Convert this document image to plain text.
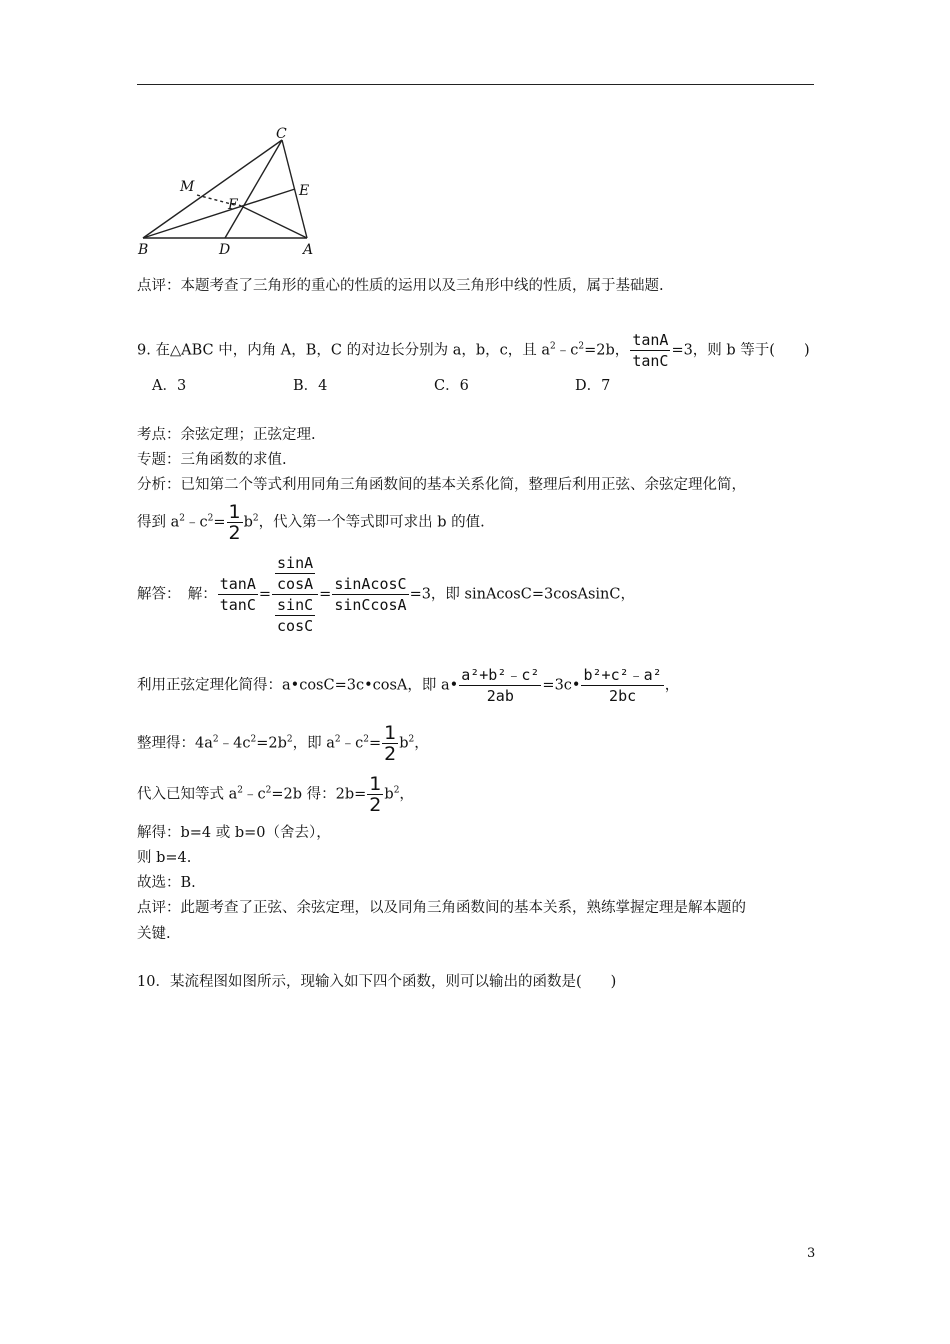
C
M	E
F
B	D	A
点评：本题考查了三角形的重心的性质的运用以及三角形中线的性质，属于基础题.
9. 在△ABC 中，内角 A，B，C 的对边长分别为 a，b，c，且 $a^2﹣c^2=2b$， $\frac{\tan A}{\tan C} =3$，则 b 等于(　　)
A．3	B．4	C．6	D．7
考点：余弦定理；正弦定理.
专题：三角函数的求值.
分析：已知第二个等式利用同角三角函数间的基本关系化简，整理后利用正弦、余弦定理化简，
得到 $a^2﹣c^2= \frac{1}{2} b^2$，代入第一个等式即可求出 b 的值.
解答：　解： $\frac{\tan A}{\tan C} = \frac{\frac{\sin A}{\cos A}}{\frac{\sin C}{\cos C}} = \frac{\text{sinAcosC}}{\text{sinCcosA}} =3$，即 sinAcosC=3cosAsinC，
利用正弦定理化简得：a•cosC=3c•cosA，即 a• $\frac{\text{a²+b²﹣c²}}{2ab}$ =3c• $\frac{\text{b²+c²﹣a²}}{2bc}$ ，
整理得：$4a^2﹣4c^2=2b^2$，即 $a^2﹣c^2= \frac{1}{2} b^2$，
代入已知等式 $a^2﹣c^2=2b$ 得：$2b= \frac{1}{2} b^2$，
解得：b=4 或 b=0（舍去），
则 b=4.
故选：B.
点评：此题考查了正弦、余弦定理，以及同角三角函数间的基本关系，熟练掌握定理是解本题的
关键.
10．某流程图如图所示，现输入如下四个函数，则可以输出的函数是(　　)
3
